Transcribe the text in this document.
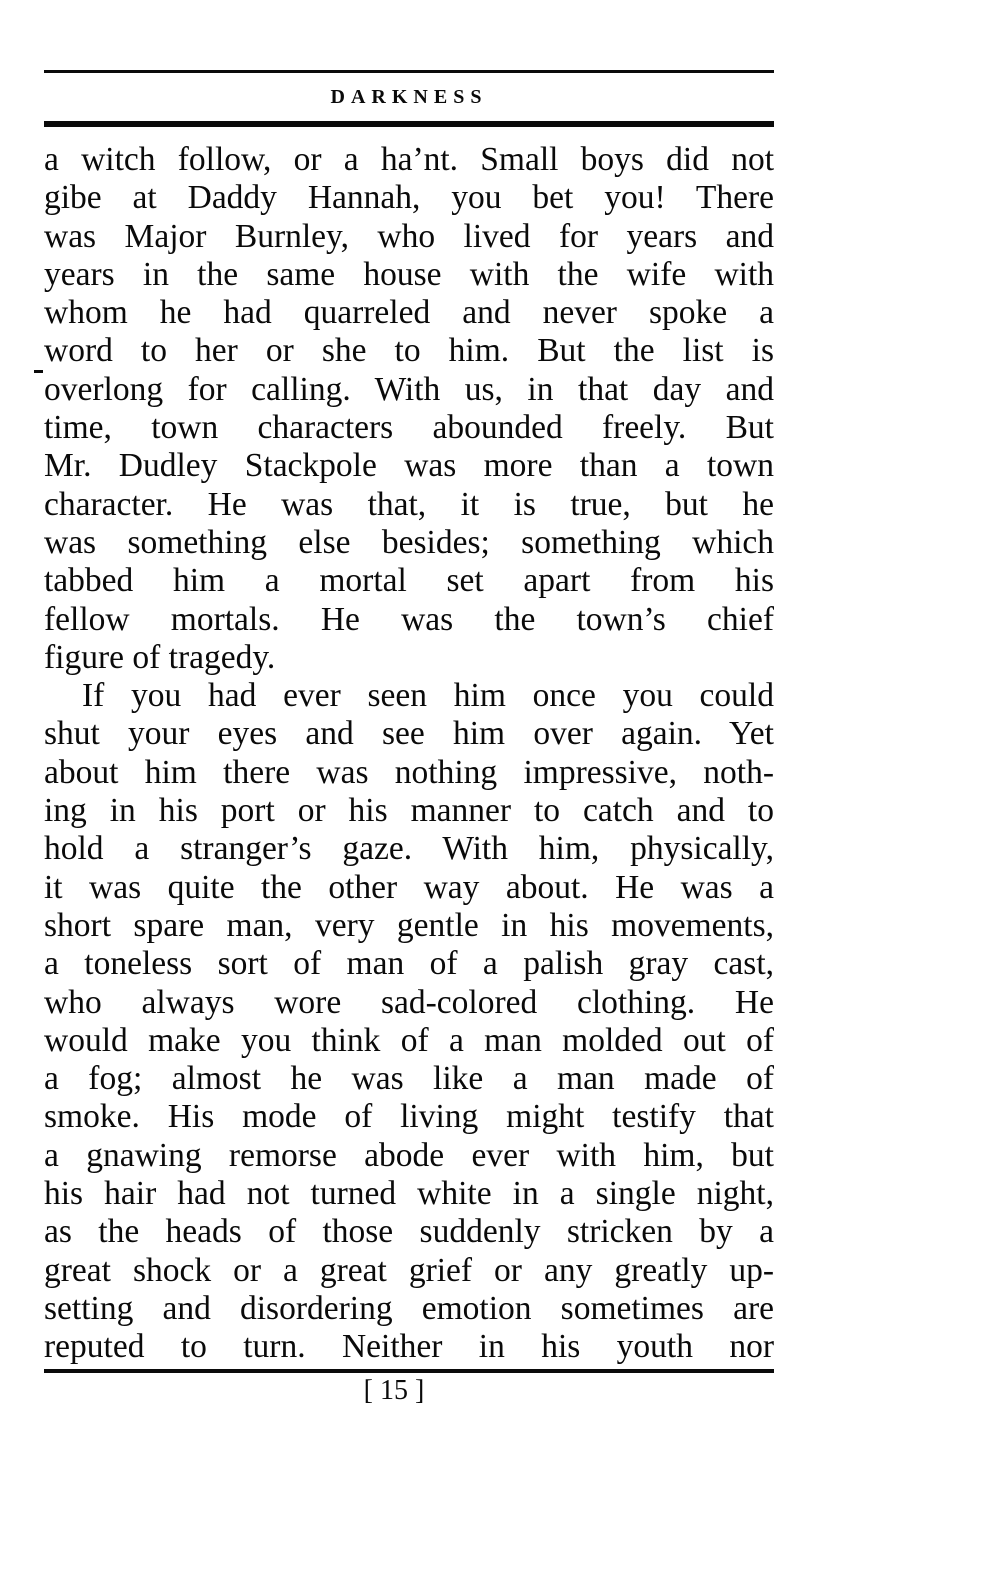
DARKNESS
a witch follow, or a ha’nt. Small boys did not
gibe at Daddy Hannah, you bet you! There
was Major Burnley, who lived for years and
years in the same house with the wife with
whom he had quarreled and never spoke a
word to her or she to him. But the list is
overlong for calling. With us, in that day and
time, town characters abounded freely. But
Mr. Dudley Stackpole was more than a town
character. He was that, it is true, but he
was something else besides; something which
tabbed him a mortal set apart from his
fellow mortals. He was the town’s chief
figure of tragedy.
If you had ever seen him once you could
shut your eyes and see him over again. Yet
about him there was nothing impressive, noth-
ing in his port or his manner to catch and to
hold a stranger’s gaze. With him, physically,
it was quite the other way about. He was a
short spare man, very gentle in his movements,
a toneless sort of man of a palish gray cast,
who always wore sad-colored clothing. He
would make you think of a man molded out of
a fog; almost he was like a man made of
smoke. His mode of living might testify that
a gnawing remorse abode ever with him, but
his hair had not turned white in a single night,
as the heads of those suddenly stricken by a
great shock or a great grief or any greatly up-
setting and disordering emotion sometimes are
reputed to turn. Neither in his youth nor
[ 15 ]
